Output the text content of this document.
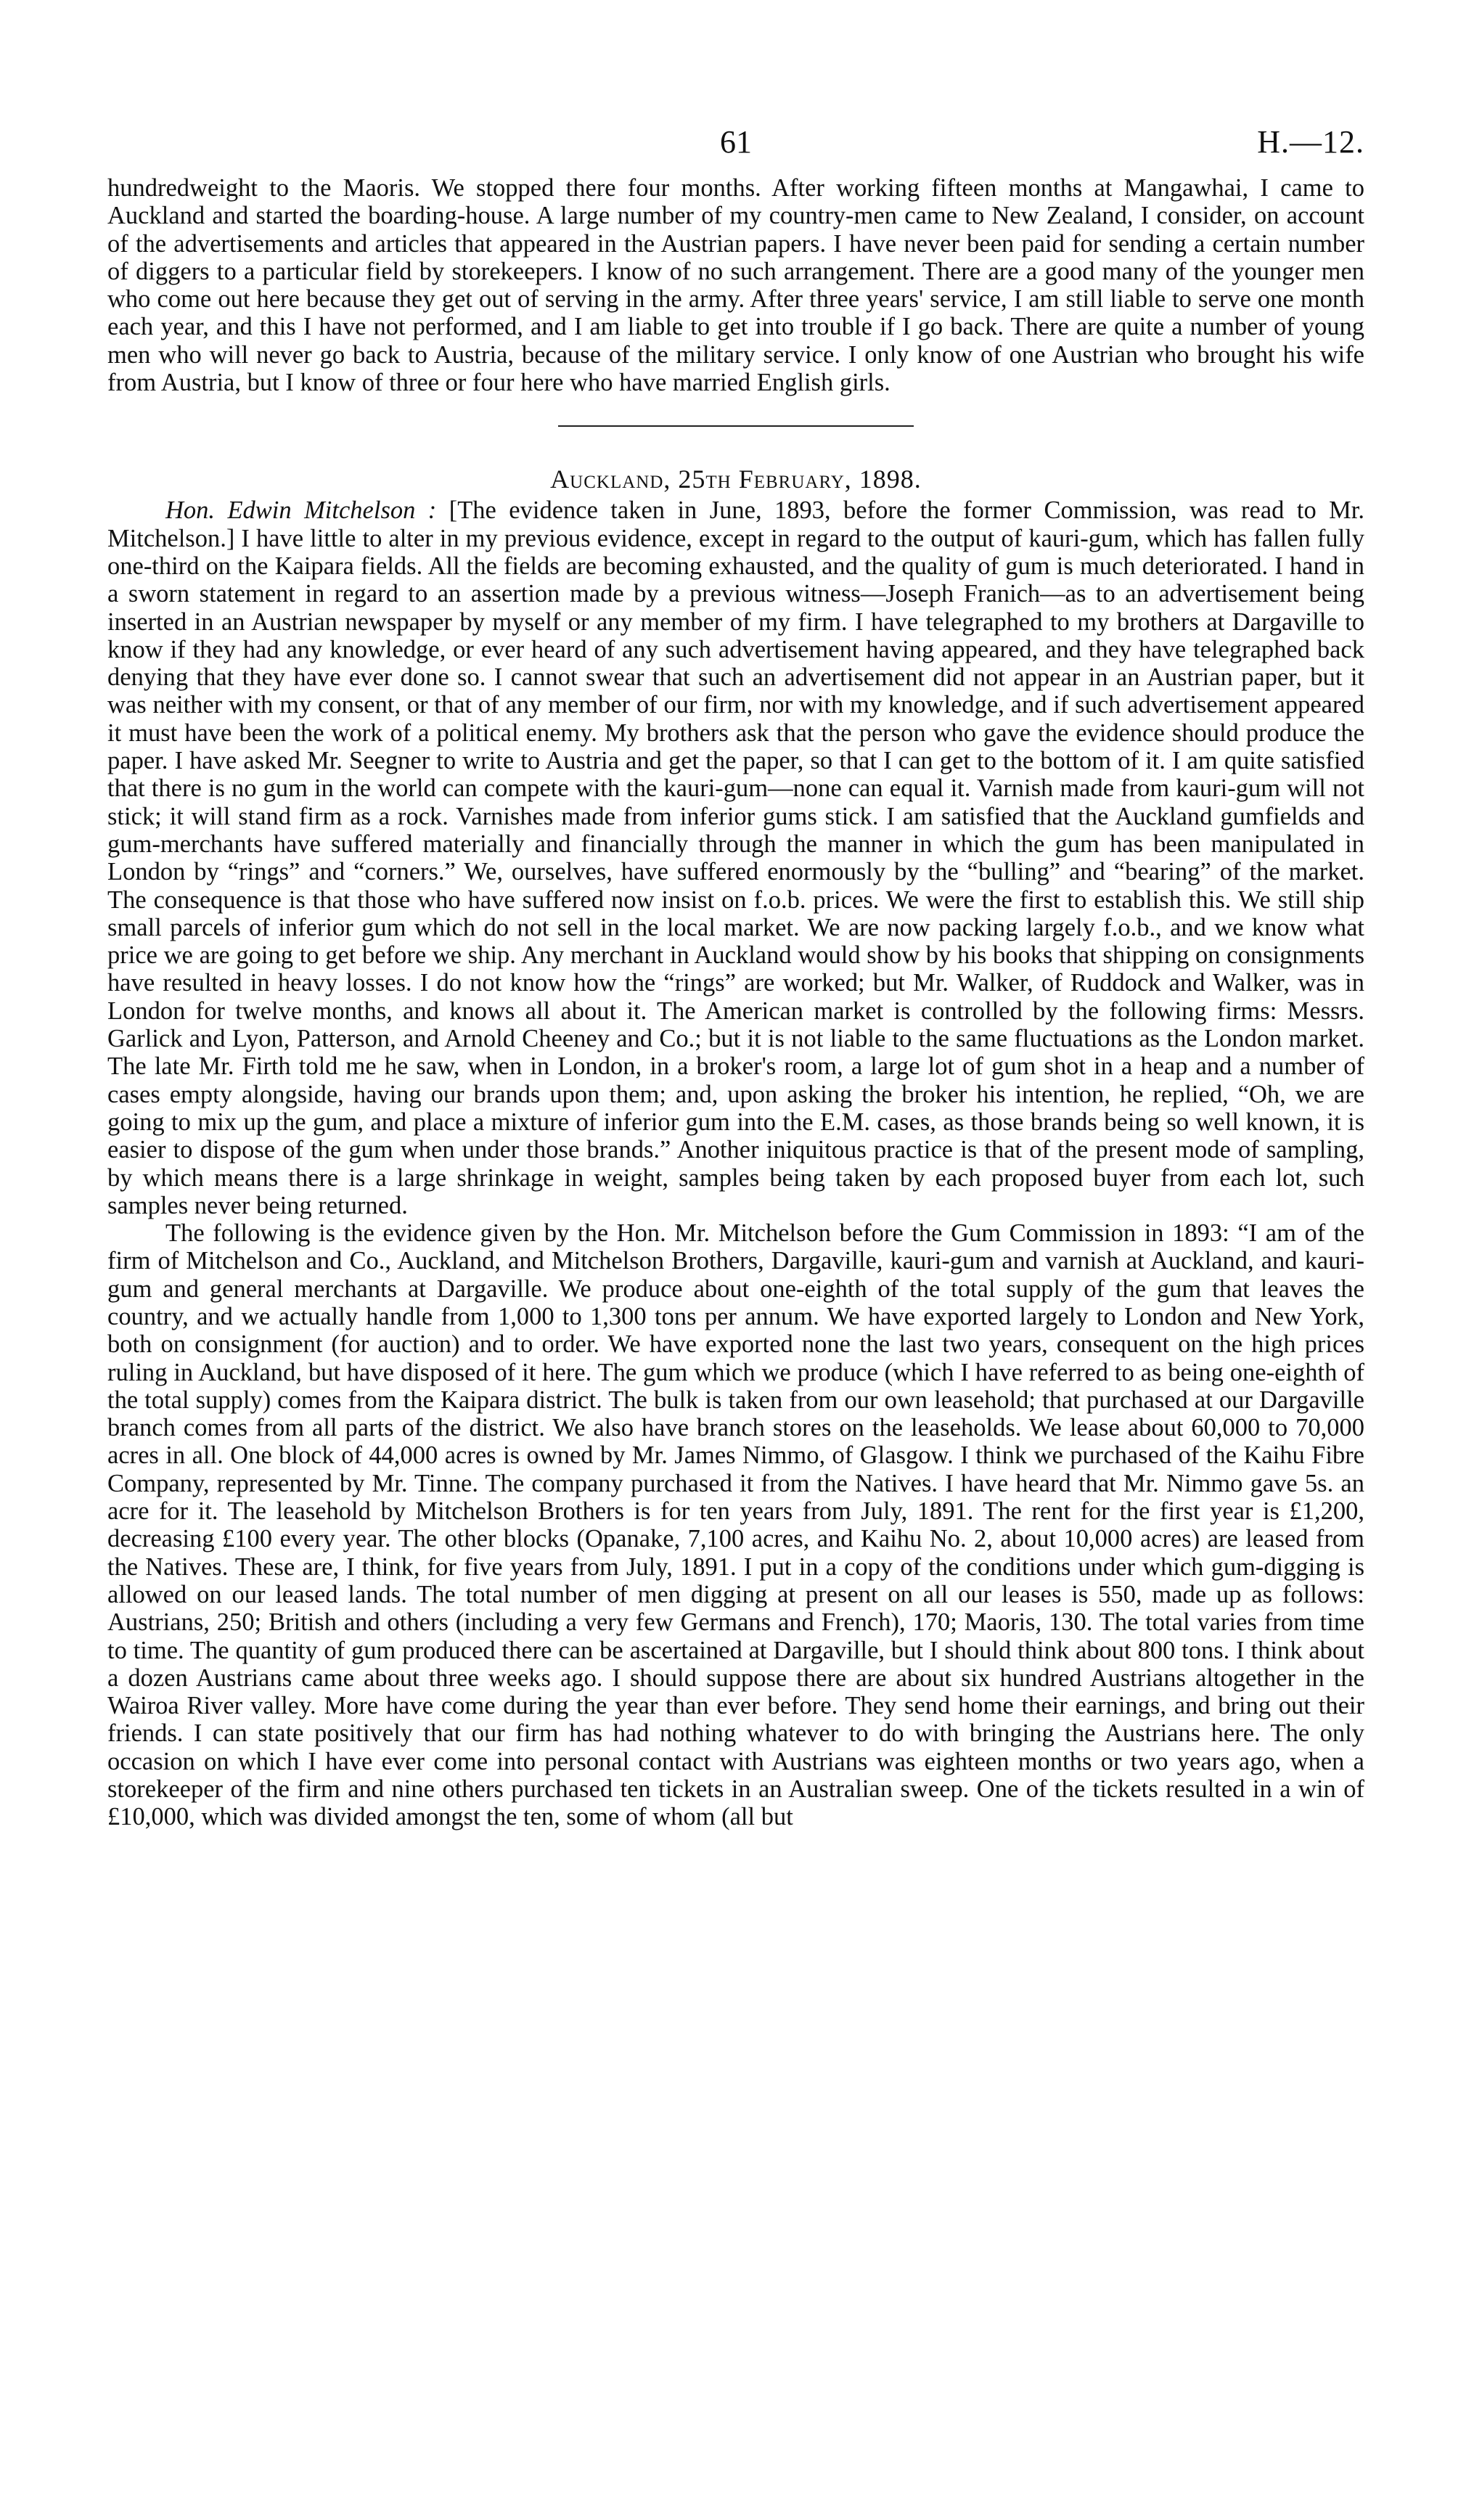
61	H.—12.

hundredweight to the Maoris. We stopped there four months. After working fifteen months at Mangawhai, I came to Auckland and started the boarding-house. A large number of my country-men came to New Zealand, I consider, on account of the advertisements and articles that appeared in the Austrian papers. I have never been paid for sending a certain number of diggers to a particular field by storekeepers. I know of no such arrangement. There are a good many of the younger men who come out here because they get out of serving in the army. After three years' service, I am still liable to serve one month each year, and this I have not performed, and I am liable to get into trouble if I go back. There are quite a number of young men who will never go back to Austria, because of the military service. I only know of one Austrian who brought his wife from Austria, but I know of three or four here who have married English girls.

Auckland, 25th February, 1898.

Hon. Edwin Mitchelson : [The evidence taken in June, 1893, before the former Commission, was read to Mr. Mitchelson.] I have little to alter in my previous evidence, except in regard to the output of kauri-gum, which has fallen fully one-third on the Kaipara fields. All the fields are becoming exhausted, and the quality of gum is much deteriorated. I hand in a sworn statement in regard to an assertion made by a previous witness—Joseph Franich—as to an advertisement being inserted in an Austrian newspaper by myself or any member of my firm. I have telegraphed to my brothers at Dargaville to know if they had any knowledge, or ever heard of any such advertisement having appeared, and they have telegraphed back denying that they have ever done so. I cannot swear that such an advertisement did not appear in an Austrian paper, but it was neither with my consent, or that of any member of our firm, nor with my knowledge, and if such advertisement appeared it must have been the work of a political enemy. My brothers ask that the person who gave the evidence should produce the paper. I have asked Mr. Seegner to write to Austria and get the paper, so that I can get to the bottom of it. I am quite satisfied that there is no gum in the world can compete with the kauri-gum—none can equal it. Varnish made from kauri-gum will not stick; it will stand firm as a rock. Varnishes made from inferior gums stick. I am satisfied that the Auckland gumfields and gum-merchants have suffered materially and financially through the manner in which the gum has been manipulated in London by “rings” and “corners.” We, ourselves, have suffered enormously by the “bulling” and “bearing” of the market. The consequence is that those who have suffered now insist on f.o.b. prices. We were the first to establish this. We still ship small parcels of inferior gum which do not sell in the local market. We are now packing largely f.o.b., and we know what price we are going to get before we ship. Any merchant in Auckland would show by his books that shipping on consignments have resulted in heavy losses. I do not know how the “rings” are worked; but Mr. Walker, of Ruddock and Walker, was in London for twelve months, and knows all about it. The American market is controlled by the following firms: Messrs. Garlick and Lyon, Patterson, and Arnold Cheeney and Co.; but it is not liable to the same fluctuations as the London market. The late Mr. Firth told me he saw, when in London, in a broker's room, a large lot of gum shot in a heap and a number of cases empty alongside, having our brands upon them; and, upon asking the broker his intention, he replied, “Oh, we are going to mix up the gum, and place a mixture of inferior gum into the E.M. cases, as those brands being so well known, it is easier to dispose of the gum when under those brands.” Another iniquitous practice is that of the present mode of sampling, by which means there is a large shrinkage in weight, samples being taken by each proposed buyer from each lot, such samples never being returned.

The following is the evidence given by the Hon. Mr. Mitchelson before the Gum Commission in 1893: “I am of the firm of Mitchelson and Co., Auckland, and Mitchelson Brothers, Dargaville, kauri-gum and varnish at Auckland, and kauri-gum and general merchants at Dargaville. We produce about one-eighth of the total supply of the gum that leaves the country, and we actually handle from 1,000 to 1,300 tons per annum. We have exported largely to London and New York, both on consignment (for auction) and to order. We have exported none the last two years, consequent on the high prices ruling in Auckland, but have disposed of it here. The gum which we produce (which I have referred to as being one-eighth of the total supply) comes from the Kaipara district. The bulk is taken from our own leasehold; that purchased at our Dargaville branch comes from all parts of the district. We also have branch stores on the leaseholds. We lease about 60,000 to 70,000 acres in all. One block of 44,000 acres is owned by Mr. James Nimmo, of Glasgow. I think we purchased of the Kaihu Fibre Company, represented by Mr. Tinne. The company purchased it from the Natives. I have heard that Mr. Nimmo gave 5s. an acre for it. The leasehold by Mitchelson Brothers is for ten years from July, 1891. The rent for the first year is £1,200, decreasing £100 every year. The other blocks (Opanake, 7,100 acres, and Kaihu No. 2, about 10,000 acres) are leased from the Natives. These are, I think, for five years from July, 1891. I put in a copy of the conditions under which gum-digging is allowed on our leased lands. The total number of men digging at present on all our leases is 550, made up as follows: Austrians, 250; British and others (including a very few Germans and French), 170; Maoris, 130. The total varies from time to time. The quantity of gum produced there can be ascertained at Dargaville, but I should think about 800 tons. I think about a dozen Austrians came about three weeks ago. I should suppose there are about six hundred Austrians altogether in the Wairoa River valley. More have come during the year than ever before. They send home their earnings, and bring out their friends. I can state positively that our firm has had nothing whatever to do with bringing the Austrians here. The only occasion on which I have ever come into personal contact with Austrians was eighteen months or two years ago, when a storekeeper of the firm and nine others purchased ten tickets in an Australian sweep. One of the tickets resulted in a win of £10,000, which was divided amongst the ten, some of whom (all but
